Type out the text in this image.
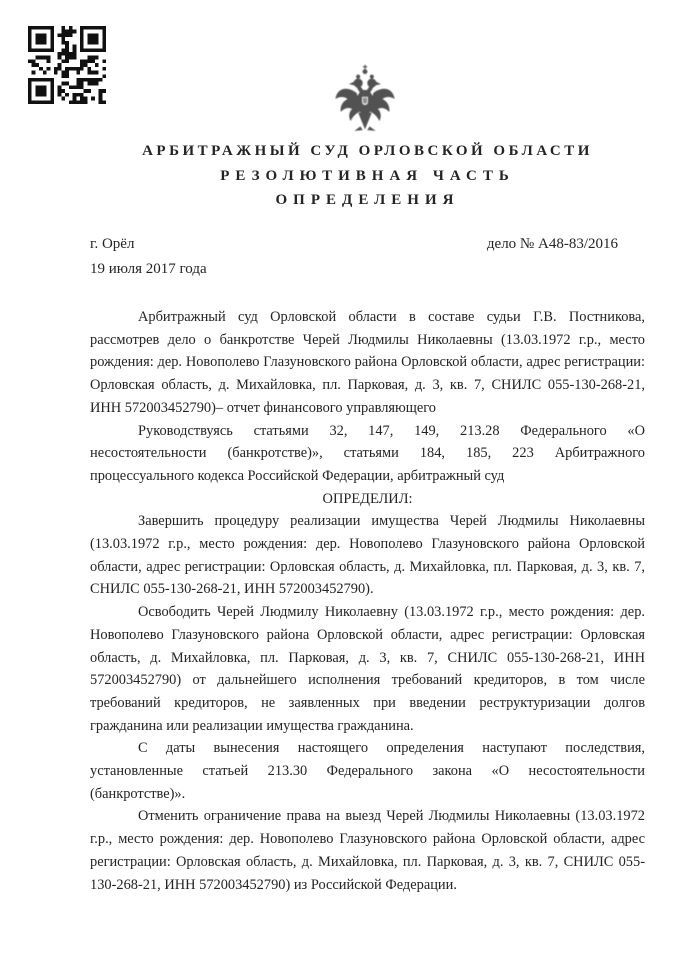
АРБИТРАЖНЫЙ СУД ОРЛОВСКОЙ ОБЛАСТИ
РЕЗОЛЮТИВНАЯ ЧАСТЬ
ОПРЕДЕЛЕНИЯ
г. Орёл	дело № А48-83/2016
19 июля 2017 года

Арбитражный суд Орловской области в составе судьи Г.В. Постникова, рассмотрев дело о банкротстве Черей Людмилы Николаевны (13.03.1972 г.р., место рождения: дер. Новополево Глазуновского района Орловской области, адрес регистрации: Орловская область, д. Михайловка, пл. Парковая, д. 3, кв. 7, СНИЛС 055-130-268-21, ИНН 572003452790)– отчет финансового управляющего

Руководствуясь статьями 32, 147, 149, 213.28 Федерального «О несостоятельности (банкротстве)», статьями 184, 185, 223 Арбитражного процессуального кодекса Российской Федерации, арбитражный суд

ОПРЕДЕЛИЛ:

Завершить процедуру реализации имущества Черей Людмилы Николаевны (13.03.1972 г.р., место рождения: дер. Новополево Глазуновского района Орловской области, адрес регистрации: Орловская область, д. Михайловка, пл. Парковая, д. 3, кв. 7, СНИЛС 055-130-268-21, ИНН 572003452790).

Освободить Черей Людмилу Николаевну (13.03.1972 г.р., место рождения: дер. Новополево Глазуновского района Орловской области, адрес регистрации: Орловская область, д. Михайловка, пл. Парковая, д. 3, кв. 7, СНИЛС 055-130-268-21, ИНН 572003452790) от дальнейшего исполнения требований кредиторов, в том числе требований кредиторов, не заявленных при введении реструктуризации долгов гражданина или реализации имущества гражданина.

С даты вынесения настоящего определения наступают последствия, установленные статьей 213.30 Федерального закона «О несостоятельности (банкротстве)».

Отменить ограничение права на выезд Черей Людмилы Николаевны (13.03.1972 г.р., место рождения: дер. Новополево Глазуновского района Орловской области, адрес регистрации: Орловская область, д. Михайловка, пл. Парковая, д. 3, кв. 7, СНИЛС 055-130-268-21, ИНН 572003452790) из Российской Федерации.
